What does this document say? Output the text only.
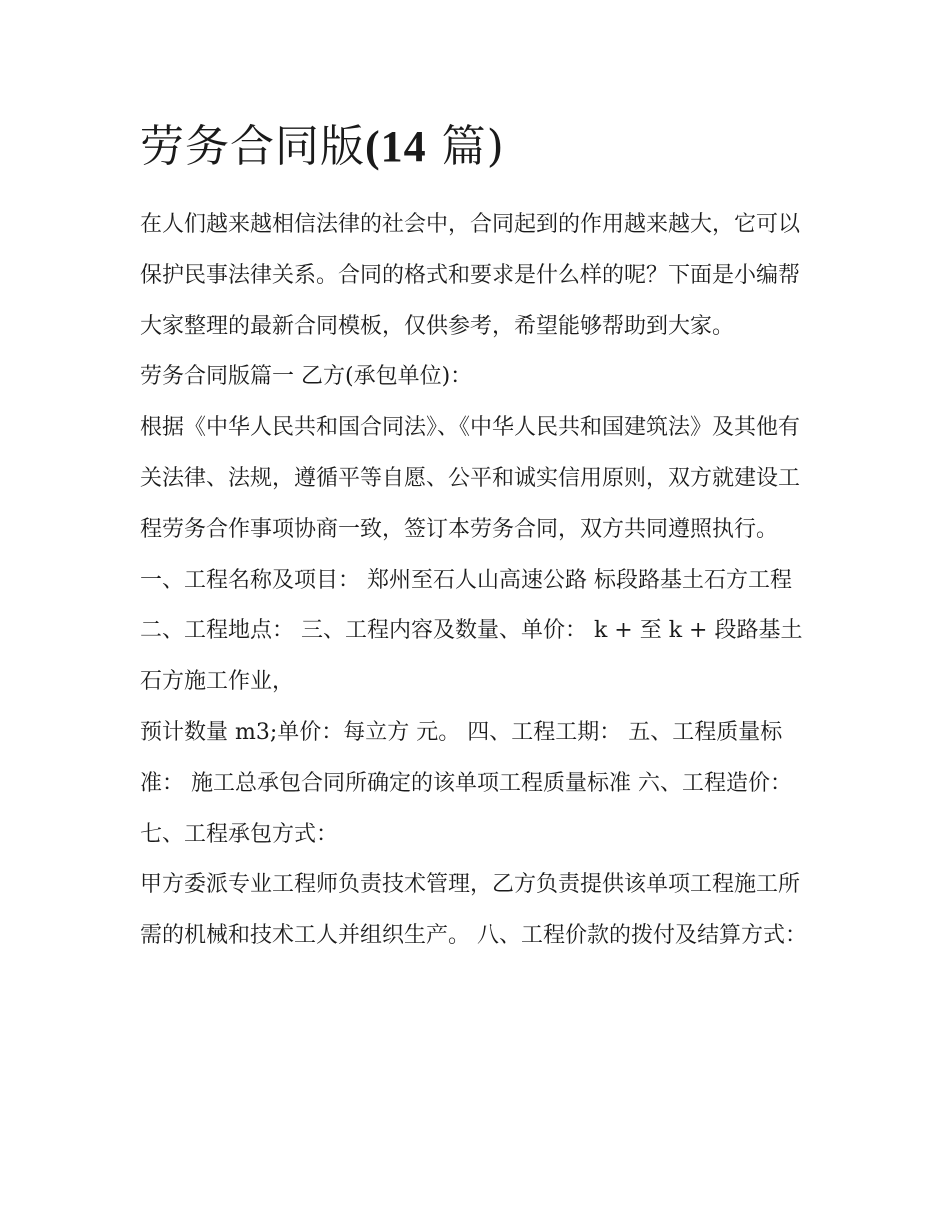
劳务合同版(14 篇)

在人们越来越相信法律的社会中，合同起到的作用越来越大，它可以保护民事法律关系。合同的格式和要求是什么样的呢？下面是小编帮大家整理的最新合同模板，仅供参考，希望能够帮助到大家。

劳务合同版篇一 乙方(承包单位)：

根据《中华人民共和国合同法》、《中华人民共和国建筑法》及其他有关法律、法规，遵循平等自愿、公平和诚实信用原则，双方就建设工程劳务合作事项协商一致，签订本劳务合同，双方共同遵照执行。

一、工程名称及项目： 郑州至石人山高速公路 标段路基土石方工程 二、工程地点： 三、工程内容及数量、单价： k + 至 k + 段路基土石方施工作业，

预计数量 m3;单价：每立方 元。 四、工程工期： 五、工程质量标准： 施工总承包合同所确定的该单项工程质量标准 六、工程造价： 七、工程承包方式：

甲方委派专业工程师负责技术管理，乙方负责提供该单项工程施工所需的机械和技术工人并组织生产。 八、工程价款的拨付及结算方式：
